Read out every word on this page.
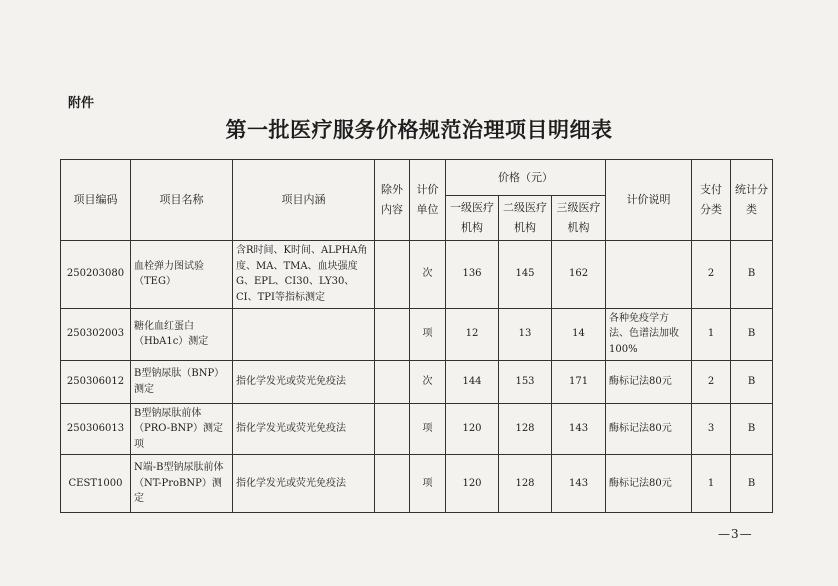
附件
第一批医疗服务价格规范治理项目明细表
项目编码	项目名称	项目内涵	除外内容	计价单位	价格（元）			计价说明	支付分类	统计分类
					一级医疗机构	二级医疗机构	三级医疗机构			
250203080	血栓弹力图试验（TEG）	含R时间、K时间、ALPHA角度、MA、TMA、血块强度G、EPL、CI30、LY30、CI、TPI等指标测定		次	136	145	162		2	B
250302003	糖化血红蛋白（HbA1c）测定			项	12	13	14	各种免疫学方法、色谱法加收100%	1	B
250306012	B型钠尿肽（BNP）测定	指化学发光或荧光免疫法		次	144	153	171	酶标记法80元	2	B
250306013	B型钠尿肽前体（PRO-BNP）测定项	指化学发光或荧光免疫法		项	120	128	143	酶标记法80元	3	B
CEST1000	N端-B型钠尿肽前体（NT-ProBNP）测定	指化学发光或荧光免疫法		项	120	128	143	酶标记法80元	1	B
—3—
